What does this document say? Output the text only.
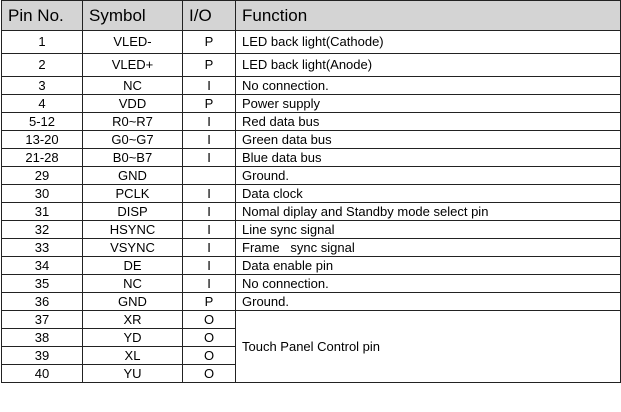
Pin No.	Symbol	I/O	Function
1	VLED-	P	LED back light(Cathode)
2	VLED+	P	LED back light(Anode)
3	NC	I	No connection.
4	VDD	P	Power supply
5-12	R0~R7	I	Red data bus
13-20	G0~G7	I	Green data bus
21-28	B0~B7	I	Blue data bus
29	GND		Ground.
30	PCLK	I	Data clock
31	DISP	I	Nomal diplay and Standby mode select pin
32	HSYNC	I	Line sync signal
33	VSYNC	I	Frame   sync signal
34	DE	I	Data enable pin
35	NC	I	No connection.
36	GND	P	Ground.
37	XR	O	Touch Panel Control pin
38	YD	O	
39	XL	O	
40	YU	O	
